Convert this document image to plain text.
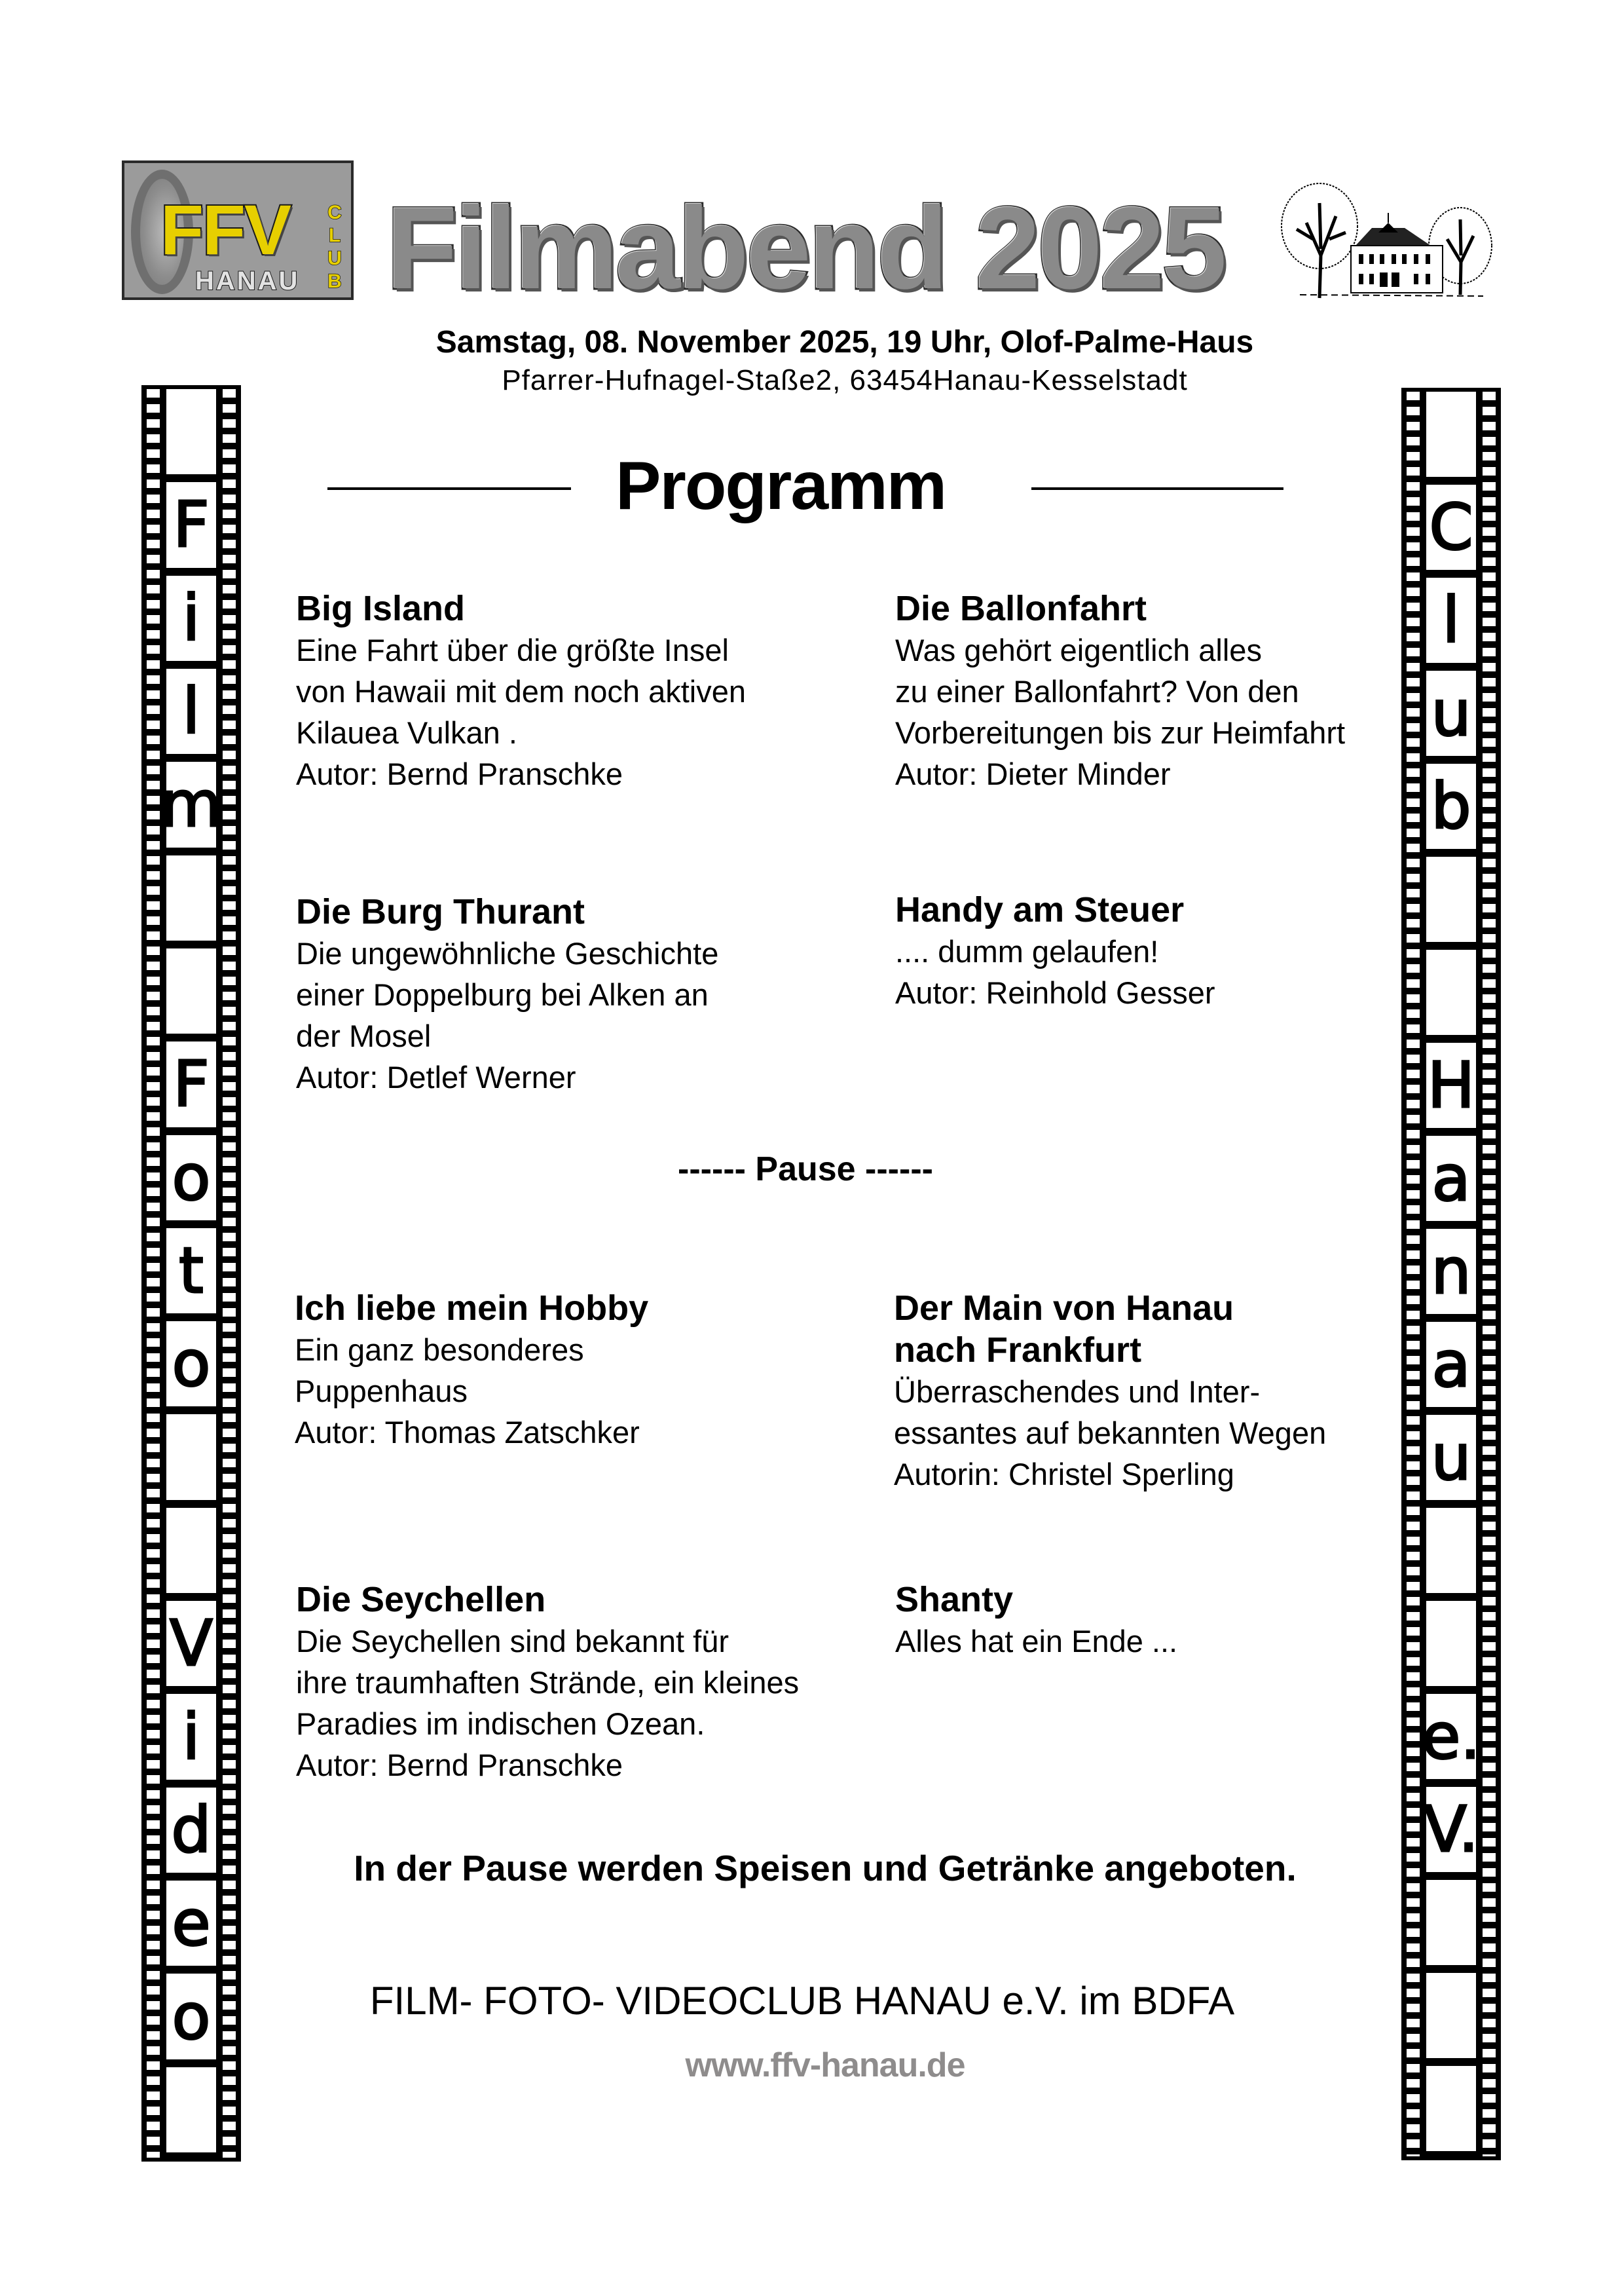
FFV
HANAU
C
L
U
B Filmabend 2025
Samstag, 08. November 2025, 19 Uhr, Olof-Palme-Haus
Pfarrer-Hufnagel-Staße2, 63454Hanau-Kesselstadt
Programm
Big Island
Eine Fahrt über die größte Insel
von Hawaii mit dem noch aktiven
Kilauea Vulkan .
Autor: Bernd Pranschke
Die Ballonfahrt
Was gehört eigentlich alles
zu einer Ballonfahrt? Von den
Vorbereitungen bis zur Heimfahrt
Autor: Dieter Minder
Die Burg Thurant
Die ungewöhnliche Geschichte
einer Doppelburg bei Alken an
der Mosel
Autor: Detlef Werner
Handy am Steuer
.... dumm gelaufen!
Autor: Reinhold Gesser
------ Pause ------
Ich liebe mein Hobby
Ein ganz besonderes
Puppenhaus
Autor: Thomas Zatschker
Der Main von Hanau
nach Frankfurt
Überraschendes und Inter-
essantes auf bekannten Wegen
Autorin: Christel Sperling
Die Seychellen
Die Seychellen sind bekannt für
ihre traumhaften Strände, ein kleines
Paradies im indischen Ozean.
Autor: Bernd Pranschke
Shanty
Alles hat ein Ende ...
In der Pause werden Speisen und Getränke angeboten.
FILM- FOTO- VIDEOCLUB HANAU e.V. im BDFA
www.ffv-hanau.de
F
i
l
m
F
o
t
o
V
i
d
e
o
C
l
u
b
H
a
n
a
u
e.
V.
